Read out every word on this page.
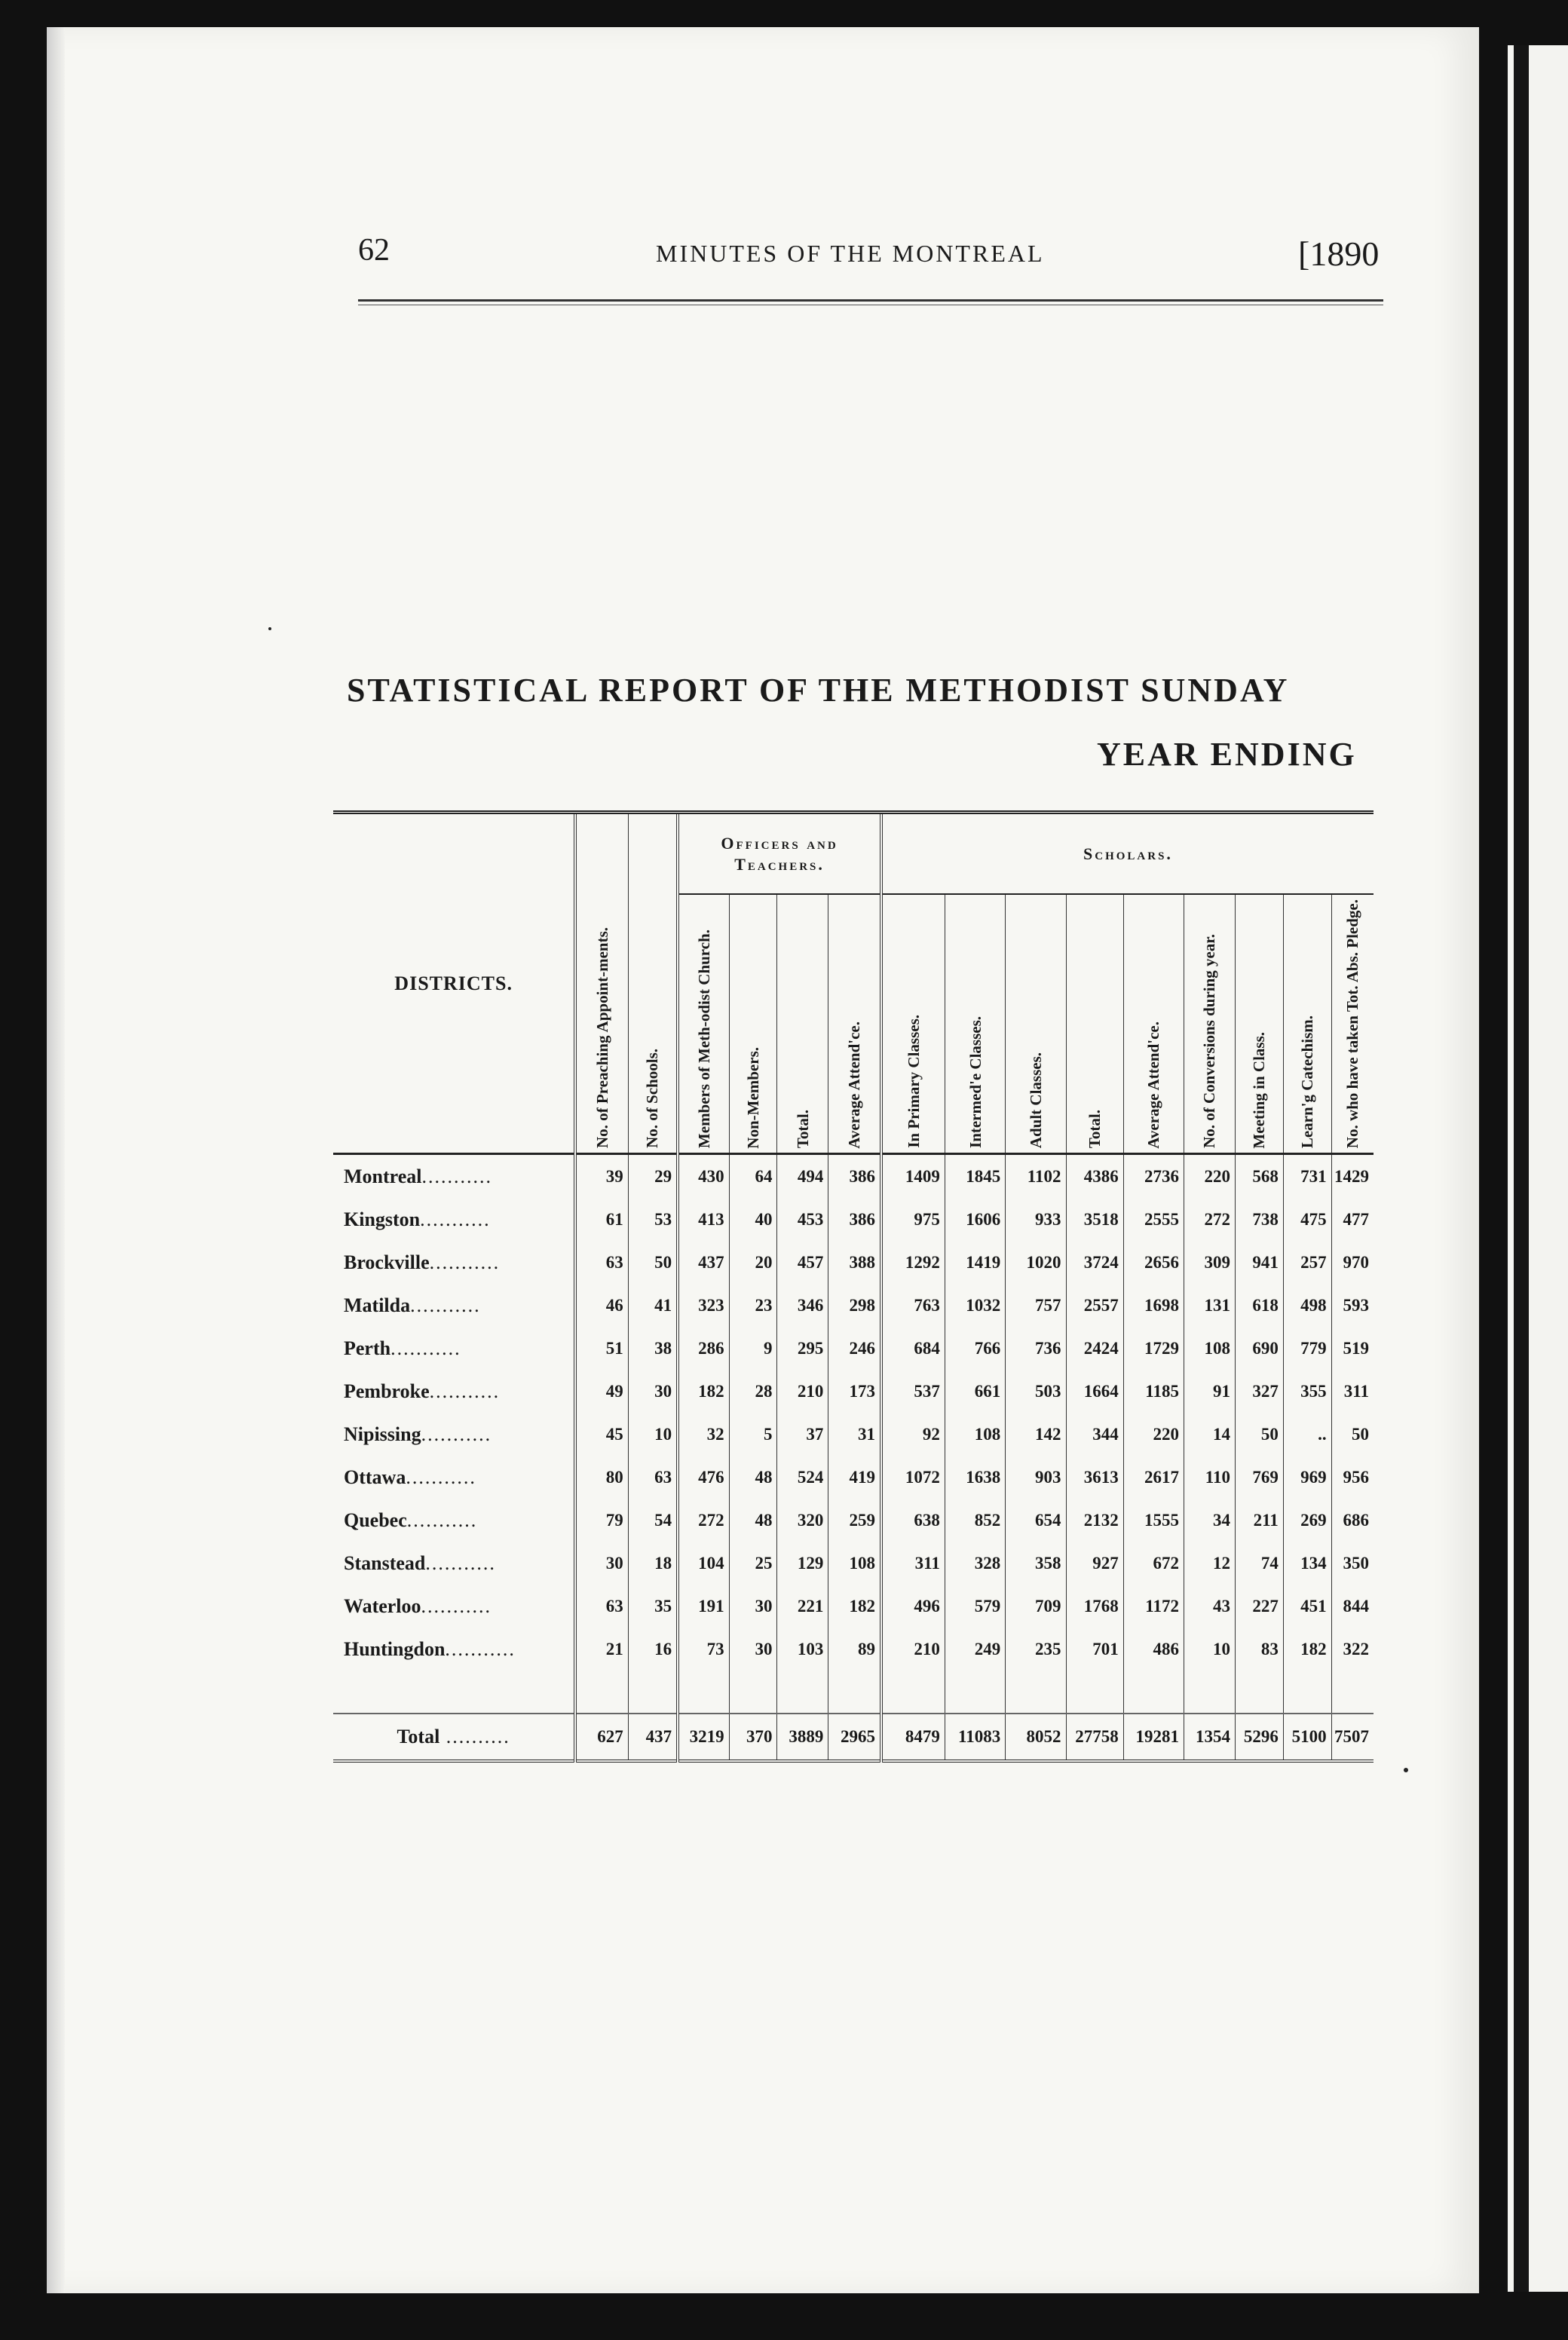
62	MINUTES OF THE MONTREAL	[1890
STATISTICAL REPORT OF THE METHODIST SUNDAY
YEAR ENDING
DISTRICTS.	No. of Preaching Appoint-ments.	No. of Schools.	Officers and Teachers.				Scholars.								

			Members of Meth-odist Church.	Non-Members.	Total.	Average Attend'ce.	In Primary Classes.	Intermed'e Classes.	Adult Classes.	Total.	Average Attend'ce.	No. of Conversions during year.	Meeting in Class.	Learn'g Catechism.	No. who have taken Tot. Abs. Pledge.

Montreal...........	39	29	430	64	494	386	1409	1845	1102	4386	2736	220	568	731	1429
Kingston...........	61	53	413	40	453	386	975	1606	933	3518	2555	272	738	475	477
Brockville...........	63	50	437	20	457	388	1292	1419	1020	3724	2656	309	941	257	970
Matilda...........	46	41	323	23	346	298	763	1032	757	2557	1698	131	618	498	593
Perth...........	51	38	286	9	295	246	684	766	736	2424	1729	108	690	779	519
Pembroke...........	49	30	182	28	210	173	537	661	503	1664	1185	91	327	355	311
Nipissing...........	45	10	32	5	37	31	92	108	142	344	220	14	50	..	50
Ottawa...........	80	63	476	48	524	419	1072	1638	903	3613	2617	110	769	969	956
Quebec...........	79	54	272	48	320	259	638	852	654	2132	1555	34	211	269	686
Stanstead...........	30	18	104	25	129	108	311	328	358	927	672	12	74	134	350
Waterloo...........	63	35	191	30	221	182	496	579	709	1768	1172	43	227	451	844
Huntingdon...........	21	16	73	30	103	89	210	249	235	701	486	10	83	182	322

Total ..........	627	437	3219	370	3889	2965	8479	11083	8052	27758	19281	1354	5296	5100	7507
